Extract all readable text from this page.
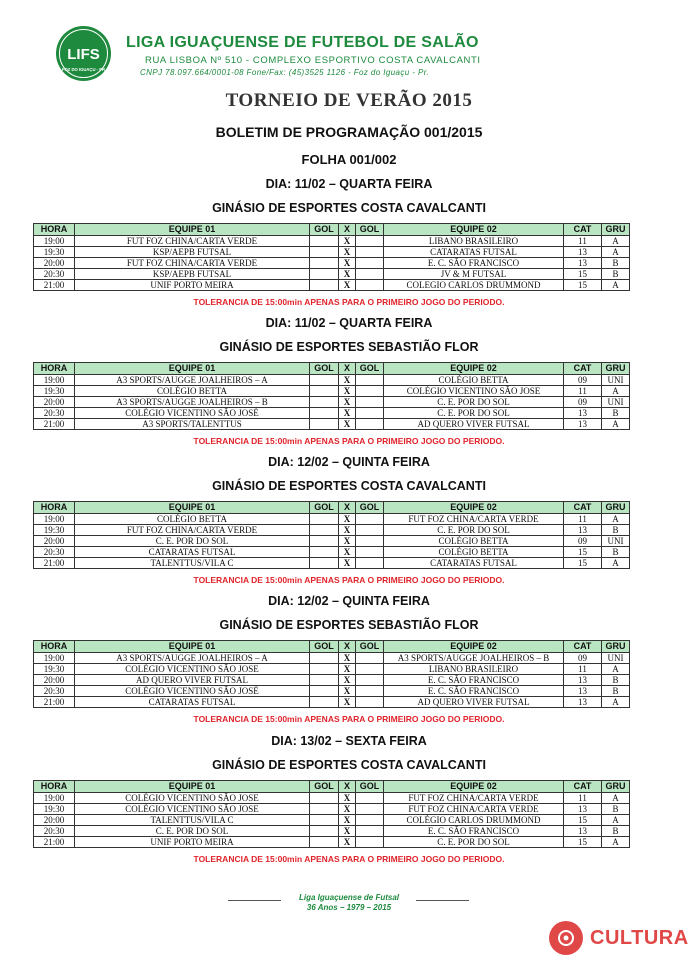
LIFS
FOZ DO IGUAÇU - PR
LIGA IGUAÇUENSE DE FUTEBOL DE SALÃO
RUA LISBOA Nº 510 - COMPLEXO ESPORTIVO COSTA CAVALCANTI
CNPJ 78.097.664/0001-08 Fone/Fax: (45)3525 1126 - Foz do Iguaçu - Pr.
TORNEIO DE VERÃO 2015
BOLETIM DE PROGRAMAÇÃO 001/2015
FOLHA 001/002
DIA: 11/02 – QUARTA FEIRA
GINÁSIO DE ESPORTES COSTA CAVALCANTI
HORA	EQUIPE 01	GOL	X	GOL	EQUIPE 02	CAT	GRU
19:00	FUT FOZ CHINA/CARTA VERDE		X		LIBANO BRASILEIRO	11	A
19:30	KSP/AEPB FUTSAL		X		CATARATAS FUTSAL	13	A
20:00	FUT FOZ CHINA/CARTA VERDE		X		E. C. SÃO FRANCISCO	13	B
20:30	KSP/AEPB FUTSAL		X		JV & M FUTSAL	15	B
21:00	UNIF PORTO MEIRA		X		COLEGIO CARLOS DRUMMOND	15	A
TOLERANCIA DE 15:00min APENAS PARA O PRIMEIRO JOGO DO PERIODO.
DIA: 11/02 – QUARTA FEIRA
GINÁSIO DE ESPORTES SEBASTIÃO FLOR
HORA	EQUIPE 01	GOL	X	GOL	EQUIPE 02	CAT	GRU
19:00	A3 SPORTS/AUGGE JOALHEIROS – A		X		COLÉGIO BETTA	09	UNI
19:30	COLÉGIO BETTA		X		COLÉGIO VICENTINO SÃO JOSE	11	A
20:00	A3 SPORTS/AUGGE JOALHEIROS – B		X		C. E. POR DO SOL	09	UNI
20:30	COLÉGIO VICENTINO SÃO JOSÉ		X		C. E. POR DO SOL	13	B
21:00	A3 SPORTS/TALENTTUS		X		AD QUERO VIVER FUTSAL	13	A
TOLERANCIA DE 15:00min APENAS PARA O PRIMEIRO JOGO DO PERIODO.
DIA: 12/02 – QUINTA FEIRA
GINÁSIO DE ESPORTES COSTA CAVALCANTI
HORA	EQUIPE 01	GOL	X	GOL	EQUIPE 02	CAT	GRU
19:00	COLÉGIO BETTA		X		FUT FOZ CHINA/CARTA VERDE	11	A
19:30	FUT FOZ CHINA/CARTA VERDE		X		C. E. POR DO SOL	13	B
20:00	C. E. POR DO SOL		X		COLÉGIO BETTA	09	UNI
20:30	CATARATAS FUTSAL		X		COLÉGIO BETTA	15	B
21:00	TALENTTUS/VILA C		X		CATARATAS FUTSAL	15	A
TOLERANCIA DE 15:00min APENAS PARA O PRIMEIRO JOGO DO PERIODO.
DIA: 12/02 – QUINTA FEIRA
GINÁSIO DE ESPORTES SEBASTIÃO FLOR
HORA	EQUIPE 01	GOL	X	GOL	EQUIPE 02	CAT	GRU
19:00	A3 SPORTS/AUGGE JOALHEIROS – A		X		A3 SPORTS/AUGGE JOALHEIROS – B	09	UNI
19:30	COLÉGIO VICENTINO SÃO JOSE		X		LIBANO BRASILEIRO	11	A
20:00	AD QUERO VIVER FUTSAL		X		E. C. SÃO FRANCISCO	13	B
20:30	COLÉGIO VICENTINO SÃO JOSÉ		X		E. C. SÃO FRANCISCO	13	B
21:00	CATARATAS FUTSAL		X		AD QUERO VIVER FUTSAL	13	A
TOLERANCIA DE 15:00min APENAS PARA O PRIMEIRO JOGO DO PERIODO.
DIA: 13/02 – SEXTA FEIRA
GINÁSIO DE ESPORTES COSTA CAVALCANTI
HORA	EQUIPE 01	GOL	X	GOL	EQUIPE 02	CAT	GRU
19:00	COLÉGIO VICENTINO SÃO JOSE		X		FUT FOZ CHINA/CARTA VERDE	11	A
19:30	COLÉGIO VICENTINO SÃO JOSE		X		FUT FOZ CHINA/CARTA VERDE	13	B
20:00	TALENTTUS/VILA C		X		COLÉGIO CARLOS DRUMMOND	15	A
20:30	C. E. POR DO SOL		X		E. C. SÃO FRANCISCO	13	B
21:00	UNIF PORTO MEIRA		X		C. E. POR DO SOL	15	A
TOLERANCIA DE 15:00min APENAS PARA O PRIMEIRO JOGO DO PERIODO.
Liga Iguaçuense de Futsal
36 Anos – 1979 – 2015
CULTURA
